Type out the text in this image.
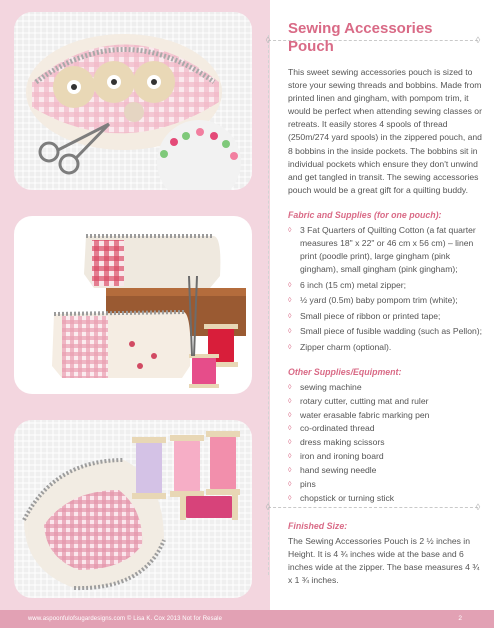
◊	◊
◊	◊
Sewing Accessories Pouch

This sweet sewing accessories pouch is sized to store your sewing threads and bobbins. Made from printed linen and gingham, with pompom trim, it would be perfect when attending sewing classes or retreats. It easily stores 4 spools of thread (250m/274 yard spools) in the zippered pouch, and 8 bobbins in the inside pockets. The bobbins sit in individual pockets which ensure they don't unwind and get tangled in transit. The sewing accessories pouch would be a great gift for a quilting buddy.

Fabric and Supplies (for one pouch):
◊ 3 Fat Quarters of Quilting Cotton (a fat quarter measures 18" x 22" or 46 cm x 56 cm) – linen print (poodle print), large gingham (pink gingham), small gingham (pink gingham);
◊ 6 inch (15 cm) metal zipper;
◊ ½ yard (0.5m) baby pompom trim (white);
◊ Small piece of ribbon or printed tape;
◊ Small piece of fusible wadding (such as Pellon);
◊ Zipper charm (optional).
Other Supplies/Equipment:
◊ sewing machine
◊ rotary cutter, cutting mat and ruler
◊ water erasable fabric marking pen
◊ co-ordinated thread
◊ dress making scissors
◊ iron and ironing board
◊ hand sewing needle
◊ pins
◊ chopstick or turning stick
Finished Size:

The Sewing Accessories Pouch is 2 ½ inches in Height. It is 4 ¾ inches wide at the base and 6 inches wide at the zipper. The base measures 4 ¾ x 1 ¾ inches.

www.aspoonfulofsugardesigns.com © Lisa K. Cox 2013 Not for Resale	2
